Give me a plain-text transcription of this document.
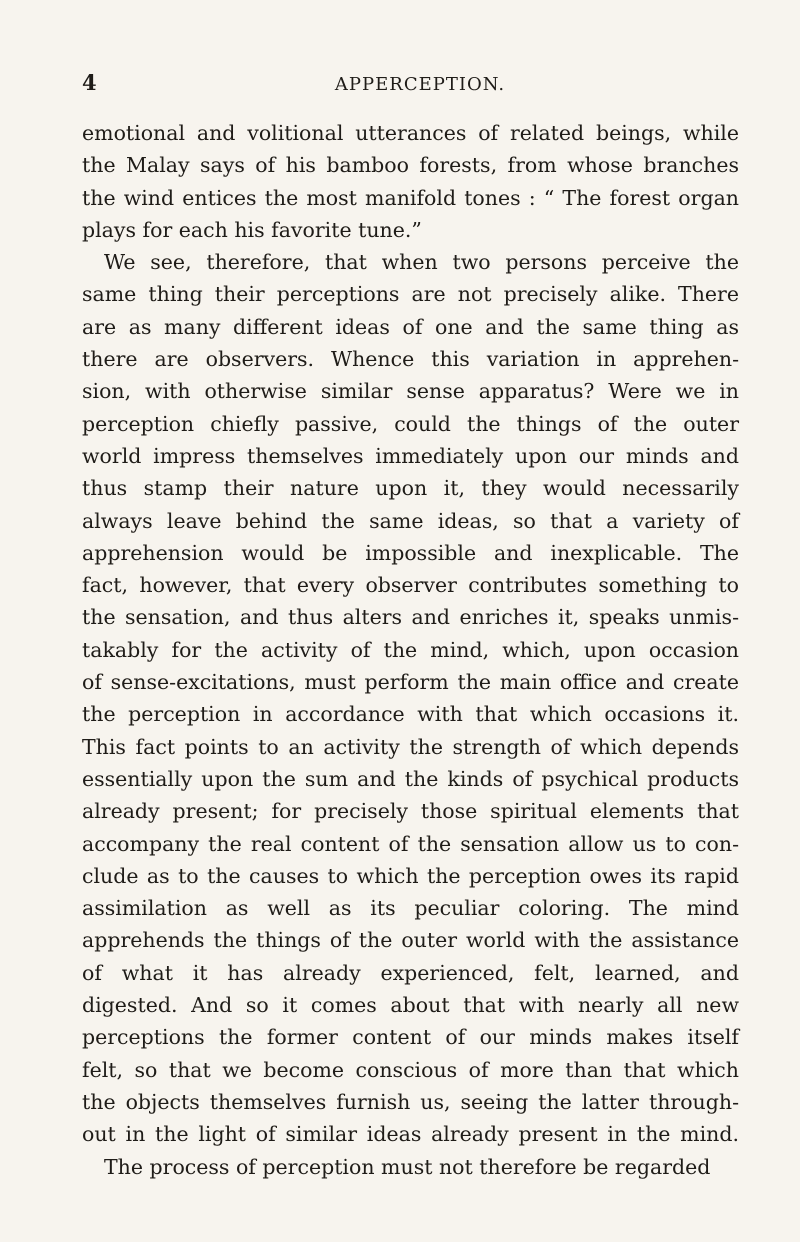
4	APPERCEPTION.
emotional and volitional utterances of related beings, while
the Malay says of his bamboo forests, from whose branches
the wind entices the most manifold tones : “ The forest organ
plays for each his favorite tune.”
We see, therefore, that when two persons perceive the
same thing their perceptions are not precisely alike. There
are as many different ideas of one and the same thing as
there are observers. Whence this variation in apprehen-
sion, with otherwise similar sense apparatus? Were we in
perception chiefly passive, could the things of the outer
world impress themselves immediately upon our minds and
thus stamp their nature upon it, they would necessarily
always leave behind the same ideas, so that a variety of
apprehension would be impossible and inexplicable. The
fact, however, that every observer contributes something to
the sensation, and thus alters and enriches it, speaks unmis-
takably for the activity of the mind, which, upon occasion
of sense-excitations, must perform the main office and create
the perception in accordance with that which occasions it.
This fact points to an activity the strength of which depends
essentially upon the sum and the kinds of psychical products
already present; for precisely those spiritual elements that
accompany the real content of the sensation allow us to con-
clude as to the causes to which the perception owes its rapid
assimilation as well as its peculiar coloring. The mind
apprehends the things of the outer world with the assistance
of what it has already experienced, felt, learned, and
digested. And so it comes about that with nearly all new
perceptions the former content of our minds makes itself
felt, so that we become conscious of more than that which
the objects themselves furnish us, seeing the latter through-
out in the light of similar ideas already present in the mind.
The process of perception must not therefore be regarded
